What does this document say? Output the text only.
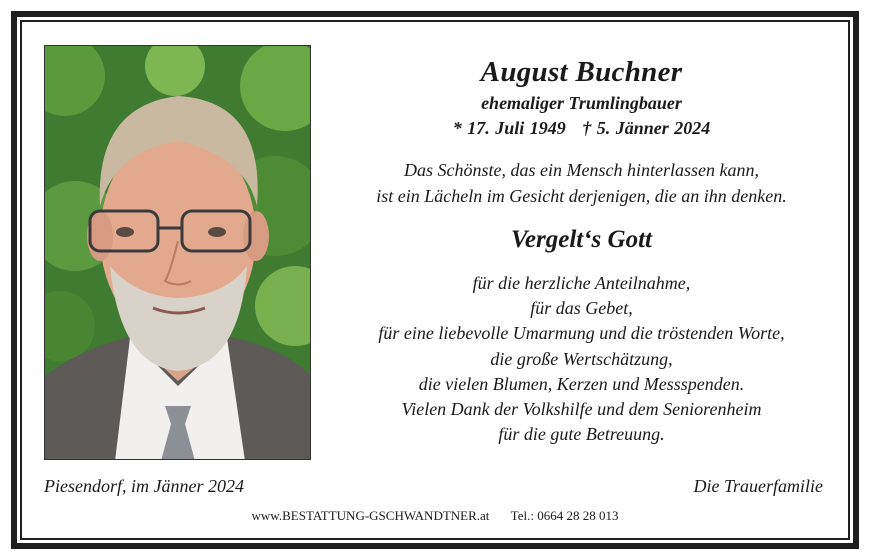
August Buchner
ehemaliger Trumlingbauer
* 17. Juli 1949   † 5. Jänner 2024
Das Schönste, das ein Mensch hinterlassen kann,
ist ein Lächeln im Gesicht derjenigen, die an ihn denken.
Vergelt‘s Gott
für die herzliche Anteilnahme,
für das Gebet,
für eine liebevolle Umarmung und die tröstenden Worte,
die große Wertschätzung,
die vielen Blumen, Kerzen und Messspenden.
Vielen Dank der Volkshilfe und dem Seniorenheim
für die gute Betreuung.
Piesendorf, im Jänner 2024	Die Trauerfamilie
www.BESTATTUNG-GSCHWANDTNER.at Tel.: 0664 28 28 013
